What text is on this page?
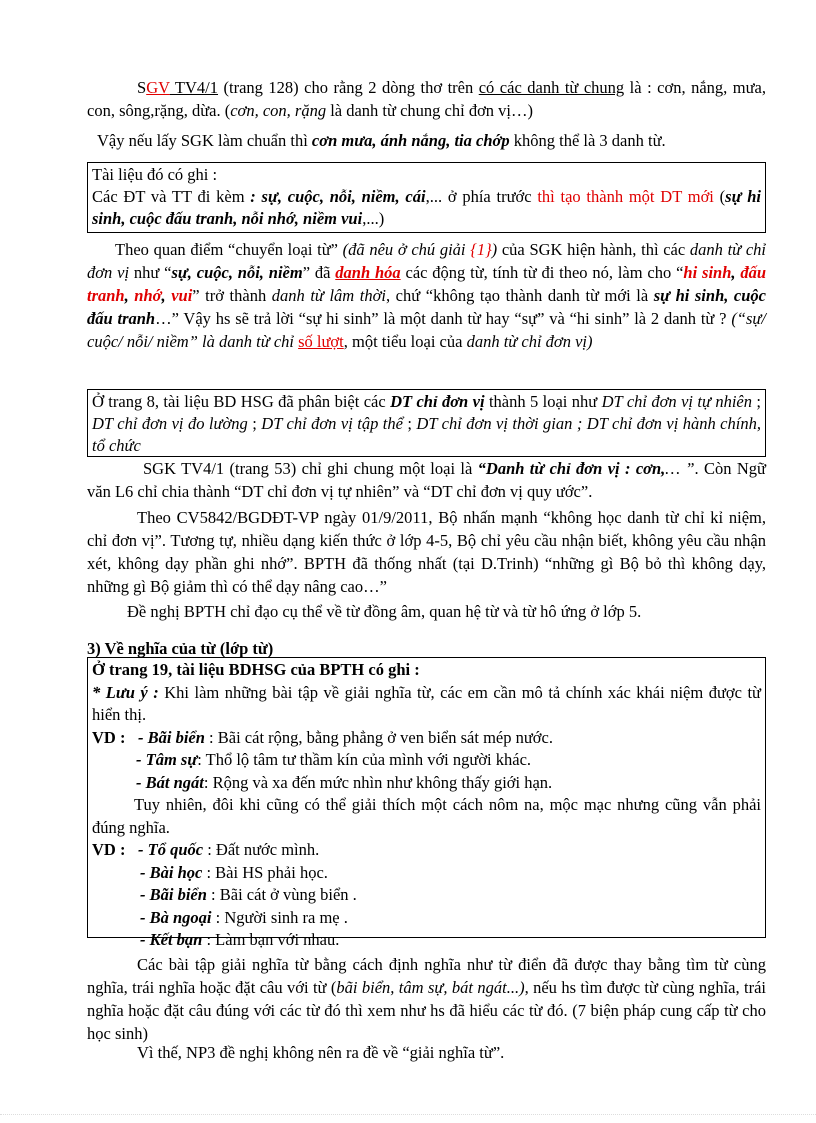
SGV TV4/1 (trang 128) cho rằng 2 dòng thơ trên có các danh từ chung là : cơn, nắng, mưa, con, sông,rặng, dừa. (cơn, con, rặng là danh từ chung chỉ đơn vị…)

Vậy nếu lấy SGK làm chuẩn thì cơn mưa, ánh nắng, tia chớp không thể là 3 danh từ.

Tài liệu đó có ghi :
Các ĐT và TT đi kèm : sự, cuộc, nỗi, niềm, cái,... ở phía trước thì tạo thành một DT mới (sự hi sinh, cuộc đấu tranh, nỗi nhớ, niềm vui,...)

Theo quan điểm “chuyển loại từ” (đã nêu ở chú giải {1}) của SGK hiện hành, thì các danh từ chỉ đơn vị như “sự, cuộc, nỗi, niềm” đã danh hóa các động từ, tính từ đi theo nó, làm cho “hi sinh, đấu tranh, nhớ, vui” trở thành danh từ lâm thời, chứ “không tạo thành danh từ mới là sự hi sinh, cuộc đấu tranh…” Vậy hs sẽ trả lời “sự hi sinh” là một danh từ hay “sự” và “hi sinh” là 2 danh từ ? (“sự/ cuộc/ nỗi/ niềm” là danh từ chỉ số lượt, một tiểu loại của danh từ chỉ đơn vị)

Ở trang 8, tài liệu BD HSG đã phân biệt các DT chỉ đơn vị thành 5 loại như DT chỉ đơn vị tự nhiên ; DT chỉ đơn vị đo lường ; DT chỉ đơn vị tập thể ; DT chỉ đơn vị thời gian ; DT chỉ đơn vị hành chính, tổ chức

SGK TV4/1 (trang 53) chỉ ghi chung một loại là “Danh từ chỉ đơn vị : cơn,… ”. Còn Ngữ văn L6 chỉ chia thành “DT chỉ đơn vị tự nhiên” và “DT chỉ đơn vị quy ước”.

Theo CV5842/BGDĐT-VP ngày 01/9/2011, Bộ nhấn mạnh “không học danh từ chỉ kỉ niệm, chỉ đơn vị”. Tương tự, nhiều dạng kiến thức ở lớp 4-5, Bộ chỉ yêu cầu nhận biết, không yêu cầu nhận xét, không dạy phần ghi nhớ”. BPTH đã thống nhất (tại D.Trinh) “những gì Bộ bỏ thì không dạy, những gì Bộ giảm thì có thể dạy nâng cao…”

Đề nghị BPTH chỉ đạo cụ thể về từ đồng âm, quan hệ từ và từ hô ứng ở lớp 5.

3) Về nghĩa của từ (lớp từ)
Ở trang 19, tài liệu BDHSG của BPTH có ghi :
* Lưu ý : Khi làm những bài tập về giải nghĩa từ, các em cần mô tả chính xác khái niệm được từ hiển thị.
VD : - Bãi biển : Bãi cát rộng, bằng phẳng ở ven biển sát mép nước.
- Tâm sự: Thổ lộ tâm tư thầm kín của mình với người khác.
- Bát ngát: Rộng và xa đến mức nhìn như không thấy giới hạn.
Tuy nhiên, đôi khi cũng có thể giải thích một cách nôm na, mộc mạc nhưng cũng vẫn phải đúng nghĩa.
VD : - Tổ quốc : Đất nước mình.
- Bài học : Bài HS phải học.
- Bãi biển : Bãi cát ở vùng biển .
- Bà ngoại : Người sinh ra mẹ .
- Kết bạn : Làm bạn với nhau.

Các bài tập giải nghĩa từ bằng cách định nghĩa như từ điển đã được thay bằng tìm từ cùng nghĩa, trái nghĩa hoặc đặt câu với từ (bãi biển, tâm sự, bát ngát...), nếu hs tìm được từ cùng nghĩa, trái nghĩa hoặc đặt câu đúng với các từ đó thì xem như hs đã hiểu các từ đó. (7 biện pháp cung cấp từ cho học sinh)

Vì thế, NP3 đề nghị không nên ra đề về “giải nghĩa từ”.
